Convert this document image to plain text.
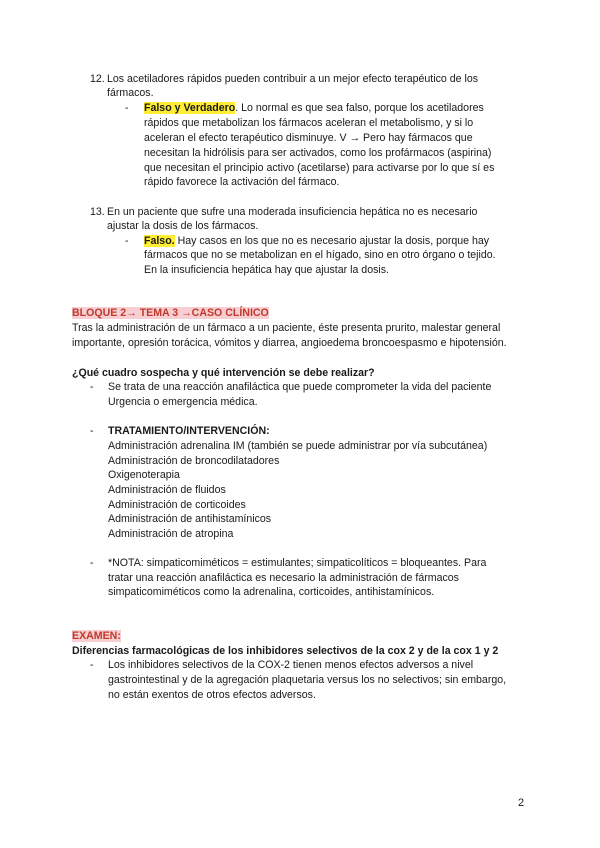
12. Los acetiladores rápidos pueden contribuir a un mejor efecto terapéutico de los
fármacos.
- Falso y Verdadero. Lo normal es que sea falso, porque los acetiladores
rápidos que metabolizan los fármacos aceleran el metabolismo, y si lo
aceleran el efecto terapéutico disminuye. V → Pero hay fármacos que
necesitan la hidrólisis para ser activados, como los profármacos (aspirina)
que necesitan el principio activo (acetilarse) para activarse por lo que sí es
rápido favorece la activación del fármaco.
13. En un paciente que sufre una moderada insuficiencia hepática no es necesario
ajustar la dosis de los fármacos.
- Falso. Hay casos en los que no es necesario ajustar la dosis, porque hay
fármacos que no se metabolizan en el hígado, sino en otro órgano o tejido.
En la insuficiencia hepática hay que ajustar la dosis.
BLOQUE 2→ TEMA 3 →CASO CLÍNICO
Tras la administración de un fármaco a un paciente, éste presenta prurito, malestar general
importante, opresión torácica, vómitos y diarrea, angioedema broncoespasmo e hipotensión.
¿Qué cuadro sospecha y qué intervención se debe realizar?
- Se trata de una reacción anafiláctica que puede comprometer la vida del paciente
Urgencia o emergencia médica.
- TRATAMIENTO/INTERVENCIÓN:
Administración adrenalina IM (también se puede administrar por vía subcutánea)
Administración de broncodilatadores
Oxigenoterapia
Administración de fluidos
Administración de corticoides
Administración de antihistamínicos
Administración de atropina
- *NOTA: simpaticomiméticos = estimulantes; simpaticolíticos = bloqueantes. Para
tratar una reacción anafiláctica es necesario la administración de fármacos
simpaticomiméticos como la adrenalina, corticoides, antihistamínicos.
EXAMEN:
Diferencias farmacológicas de los inhibidores selectivos de la cox 2 y de la cox 1 y 2
- Los inhibidores selectivos de la COX-2 tienen menos efectos adversos a nivel
gastrointestinal y de la agregación plaquetaria versus los no selectivos; sin embargo,
no están exentos de otros efectos adversos.
2
